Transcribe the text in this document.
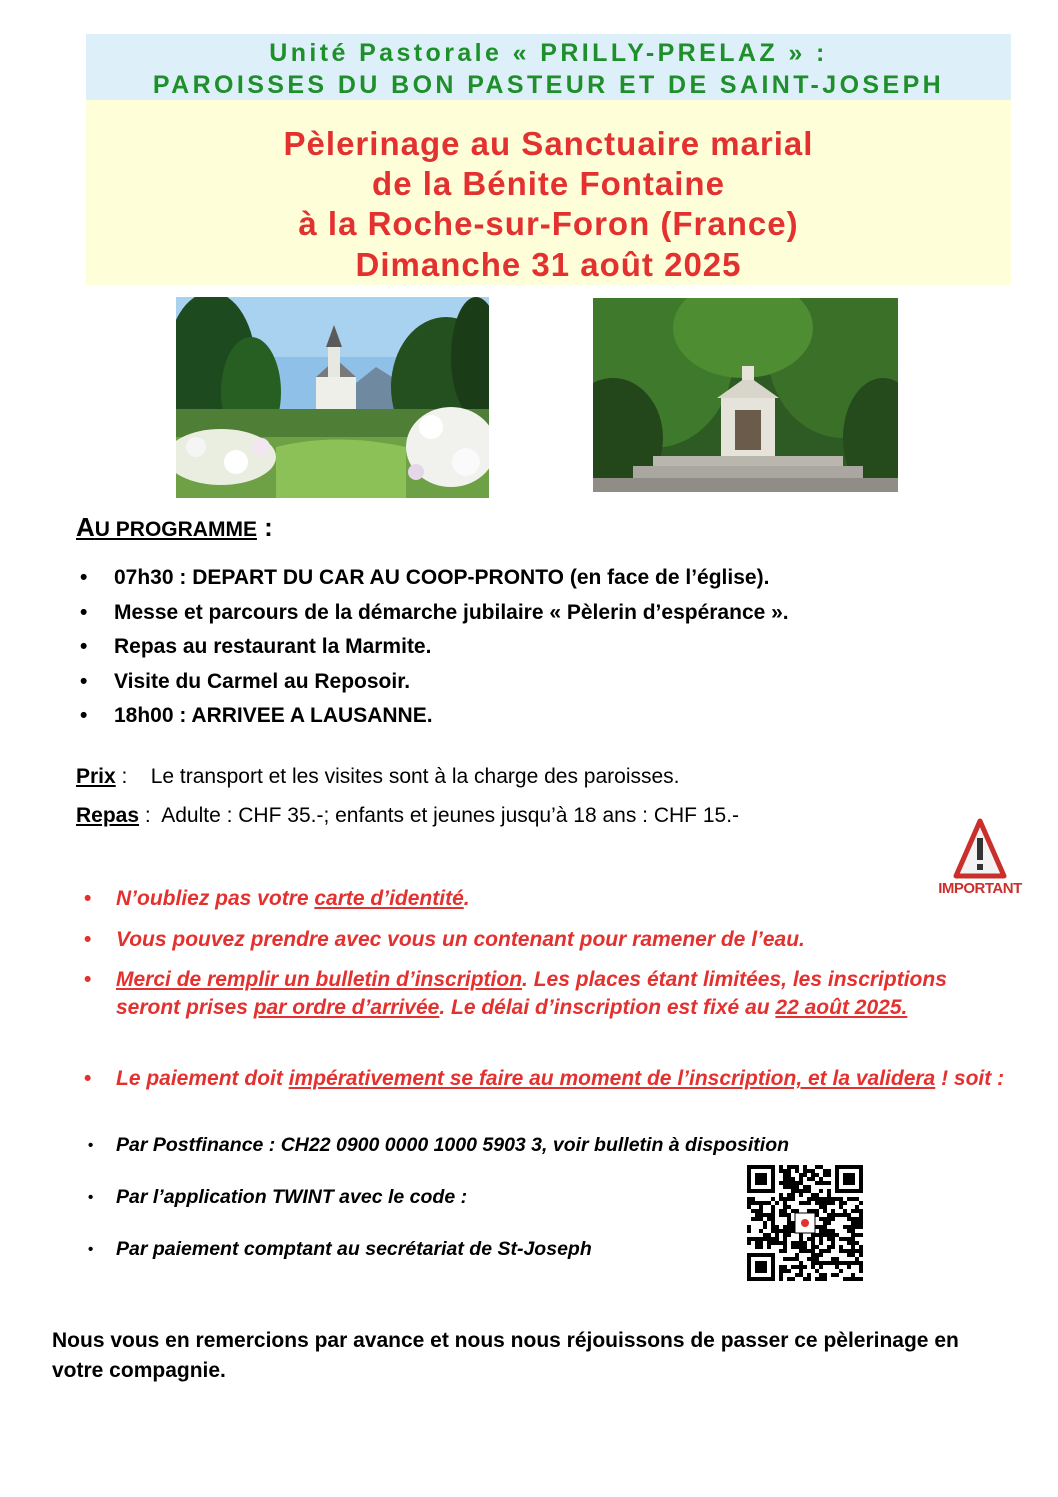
Unité Pastorale « PRILLY-PRELAZ » :
PAROISSES DU BON PASTEUR ET DE SAINT-JOSEPH
Pèlerinage au Sanctuaire marial
de la Bénite Fontaine
à la Roche-sur-Foron (France)
Dimanche 31 août 2025
AU PROGRAMME :
• 07h30 : DEPART DU CAR AU COOP-PRONTO (en face de l’église).
• Messe et parcours de la démarche jubilaire « Pèlerin d’espérance ».
• Repas au restaurant la Marmite.
• Visite du Carmel au Reposoir.
• 18h00 : ARRIVEE A LAUSANNE.
Prix :    Le transport et les visites sont à la charge des paroisses.
Repas :  Adulte : CHF 35.-; enfants et jeunes jusqu’à 18 ans : CHF 15.-
IMPORTANT
• N’oubliez pas votre carte d’identité.
• Vous pouvez prendre avec vous un contenant pour ramener de l’eau.
• Merci de remplir un bulletin d’inscription. Les places étant limitées, les inscriptions seront prises par ordre d’arrivée. Le délai d’inscription est fixé au 22 août 2025.
• Le paiement doit impérativement se faire au moment de l’inscription, et la validera ! soit :
• Par Postfinance : CH22 0900 0000 1000 5903 3, voir bulletin à disposition
• Par l’application TWINT avec le code :
• Par paiement comptant au secrétariat de St-Joseph
Nous vous en remercions par avance et nous nous réjouissons de passer ce pèlerinage en votre compagnie.
